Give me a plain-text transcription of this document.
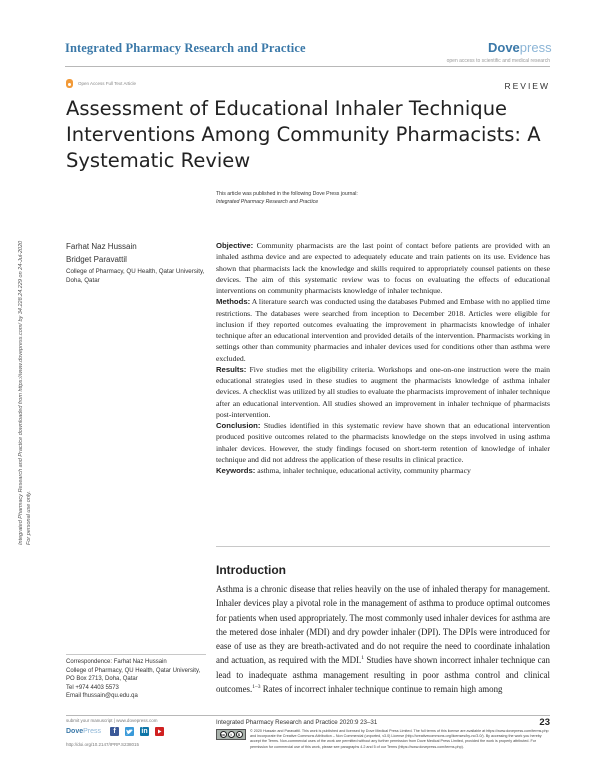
Integrated Pharmacy Research and Practice	Dovepress
open access to scientific and medical research
Open Access Full Text Article	REVIEW
Assessment of Educational Inhaler Technique Interventions Among Community Pharmacists: A Systematic Review
This article was published in the following Dove Press journal:
Integrated Pharmacy Research and Practice
Farhat Naz Hussain
Bridget Paravattil
College of Pharmacy, QU Health, Qatar University, Doha, Qatar
Integrated Pharmacy Research and Practice downloaded from https://www.dovepress.com/ by 34.228.24.229 on 24-Jul-2020 For personal use only.

Objective: Community pharmacists are the last point of contact before patients are provided with an inhaled asthma device and are expected to adequately educate and train patients on its use. Evidence has shown that pharmacists lack the knowledge and skills required to appropriately counsel patients on these devices. The aim of this systematic review was to focus on evaluating the effects of educational interventions on community pharmacists knowledge of inhaler technique.

Methods: A literature search was conducted using the databases Pubmed and Embase with no applied time restrictions. The databases were searched from inception to December 2018. Articles were eligible for inclusion if they reported outcomes evaluating the improvement in pharmacists knowledge of inhaler technique after an educational intervention and provided details of the intervention. Pharmacists working in settings other than community pharmacies and inhaler devices used for conditions other than asthma were excluded.

Results: Five studies met the eligibility criteria. Workshops and one-on-one instruction were the main educational strategies used in these studies to augment the pharmacists knowledge of asthma inhaler devices. A checklist was utilized by all studies to evaluate the pharmacists improvement of inhaler technique after an educational intervention. All studies showed an improvement in inhaler technique of pharmacists post-intervention.

Conclusion: Studies identified in this systematic review have shown that an educational intervention produced positive outcomes related to the pharmacists knowledge on the steps involved in using asthma inhaler devices. However, the study findings focused on short-term retention of knowledge of inhaler technique and did not address the application of these results in clinical practice.

Keywords: asthma, inhaler technique, educational activity, community pharmacy

Introduction
Asthma is a chronic disease that relies heavily on the use of inhaled therapy for management. Inhaler devices play a pivotal role in the management of asthma to produce optimal outcomes for patients when used appropriately. The most commonly used inhaler devices for asthma are the metered dose inhaler (MDI) and dry powder inhaler (DPI). The DPIs were introduced for ease of use as they are breath-activated and do not require the need to coordinate inhalation and actuation, as required with the MDI.$^1$ Studies have shown incorrect inhaler technique can lead to inadequate asthma management resulting in poor asthma control and clinical outcomes.$^{1-3}$ Rates of incorrect inhaler technique continue to remain high among
Correspondence: Farhat Naz Hussain
College of Pharmacy, QU Health, Qatar University, PO Box 2713, Doha, Qatar
Tel +974 4403 5573
Email fhussain@qu.edu.qa
submit your manuscript | www.dovepress.com
DovePress	f	in
http://doi.org/10.2147/IPRP.S238015
Integrated Pharmacy Research and Practice 2020:9 23–31	23
cc	i	$
© 2020 Hussain and Paravattil. This work is published and licensed by Dove Medical Press Limited. The full terms of this license are available at https://www.dovepress.com/terms.php and incorporate the Creative Commons Attribution – Non Commercial (unported, v3.0) License (http://creativecommons.org/licenses/by-nc/3.0/). By accessing the work you hereby accept the Terms. Non-commercial uses of the work are permitted without any further permission from Dove Medical Press Limited, provided the work is properly attributed. For permission for commercial use of this work, please see paragraphs 4.2 and 5 of our Terms (https://www.dovepress.com/terms.php).
